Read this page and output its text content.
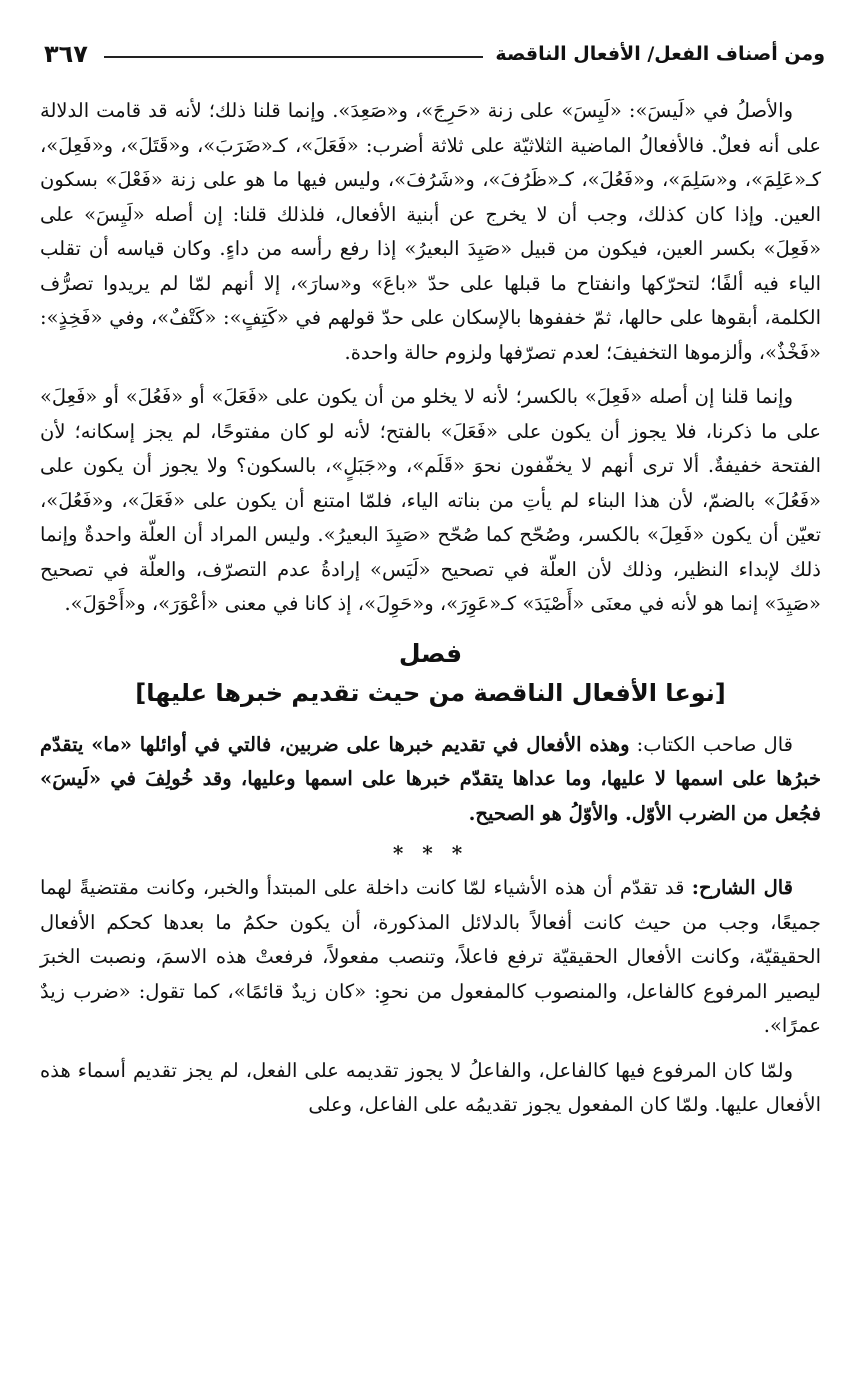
ومن أصناف الفعل/ الأفعال الناقصة
٣٦٧

والأصلُ في «لَيسَ»: «لَيِسَ» على زنة «حَرِجَ»، و«صَعِدَ». وإنما قلنا ذلك؛ لأنه قد قامت الدلالة على أنه فعلٌ. فالأفعالُ الماضية الثلاثيّة على ثلاثة أضرب: «فَعَلَ»، كـ«ضَرَبَ»، و«قَتَلَ»، و«فَعِلَ»، كـ«عَلِمَ»، و«سَلِمَ»، و«فَعُلَ»، كـ«ظَرُفَ»، و«شَرُفَ»، وليس فيها ما هو على زنة «فَعْلَ» بسكون العين. وإذا كان كذلك، وجب أن لا يخرج عن أبنية الأفعال، فلذلك قلنا: إن أصله «لَيِسَ» على «فَعِلَ» بكسر العين، فيكون من قبيل «صَيِدَ البعيرُ» إذا رفع رأسه من داءٍ. وكان قياسه أن تقلب الياء فيه ألفًا؛ لتحرّكها وانفتاح ما قبلها على حدّ «باعَ» و«سارَ»، إلا أنهم لمّا لم يريدوا تصرُّف الكلمة، أبقوها على حالها، ثمّ خففوها بالإسكان على حدّ قولهم في «كَتِفٍ»: «كَتْفٌ»، وفي «فَخِذٍ»: «فَخْذٌ»، وألزموها التخفيفَ؛ لعدم تصرّفها ولزوم حالة واحدة.

وإنما قلنا إن أصله «فَعِلَ» بالكسر؛ لأنه لا يخلو من أن يكون على «فَعَلَ» أو «فَعُلَ» أو «فَعِلَ» على ما ذكرنا، فلا يجوز أن يكون على «فَعَلَ» بالفتح؛ لأنه لو كان مفتوحًا، لم يجز إسكانه؛ لأن الفتحة خفيفةٌ. ألا ترى أنهم لا يخفّفون نحوَ «قَلَم»، و«جَبَلٍ»، بالسكون؟ ولا يجوز أن يكون على «فَعُلَ» بالضمّ، لأن هذا البناء لم يأتِ من بناته الياء، فلمّا امتنع أن يكون على «فَعَلَ»، و«فَعُلَ»، تعيّن أن يكون «فَعِلَ» بالكسر، وصُحّح كما صُحّح «صَيِدَ البعيرُ». وليس المراد أن العلّة واحدةٌ وإنما ذلك لإبداء النظير، وذلك لأن العلّة في تصحيح «لَيَس» إرادةُ عدم التصرّف، والعلّة في تصحيح «صَيِدَ» إنما هو لأنه في معنَى «أَصْيَدَ» كـ«عَوِرَ»، و«حَوِلَ»، إذ كانا في معنى «أعْوَرَ»، و«أَحْوَلَ».

فصل
[نوعا الأفعال الناقصة من حيث تقديم خبرها عليها]

قال صاحب الكتاب: وهذه الأفعال في تقديم خبرها على ضربين، فالتي في أوائلها «ما» يتقدّم خبرُها على اسمها لا عليها، وما عداها يتقدّم خبرها على اسمها وعليها، وقد خُولِفَ في «لَيسَ» فجُعل من الضرب الأوّل. والأوّلُ هو الصحيح.

* * *

قال الشارح: قد تقدّم أن هذه الأشياء لمّا كانت داخلة على المبتدأ والخبر، وكانت مقتضيةً لهما جميعًا، وجب من حيث كانت أفعالاً بالدلائل المذكورة، أن يكون حكمُ ما بعدها كحكم الأفعال الحقيقيّة، وكانت الأفعال الحقيقيّة ترفع فاعلاً، وتنصب مفعولاً، فرفعتْ هذه الاسمَ، ونصبت الخبرَ ليصير المرفوع كالفاعل، والمنصوب كالمفعول من نحوِ: «كان زيدٌ قائمًا»، كما تقول: «ضرب زيدٌ عمرًا».

ولمّا كان المرفوع فيها كالفاعل، والفاعلُ لا يجوز تقديمه على الفعل، لم يجز تقديم أسماء هذه الأفعال عليها. ولمّا كان المفعول يجوز تقديمُه على الفاعل، وعلى
